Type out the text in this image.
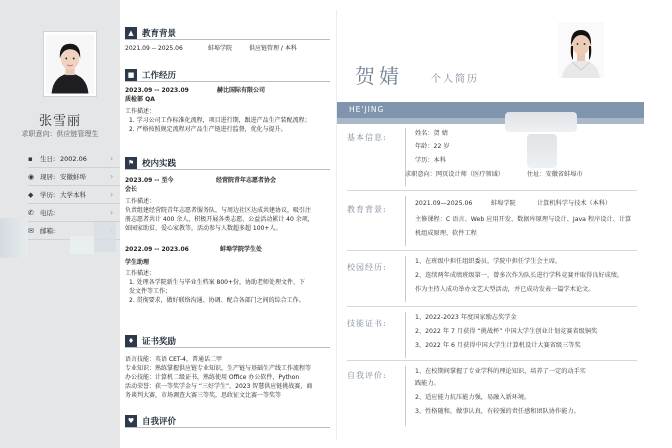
张雪丽
求职意向：供应链管理生
▪	生日: 2002.06	›
◉ 现居: 安徽蚌埠	›
◆	学历: 大学本科	›
✆ 电话:	›
✉ 邮箱:
▲ 教育背景
2021.09 -- 2025.06	蚌埠学院	供应链管理 / 本科
■ 工作经历
2023.09 -- 2023.09	赫比国际有限公司
质检部 QA
工作描述：
1. 学习公司工作标准化流程，项目进行期，跟进产品生产装配流程；
2. 严格按照规定流程对产品生产链进行监督，优化与提升。
⚑ 校内实践
2023.09 -- 至今	经营院青年志愿者协会
会长
工作描述：
负责组建经营院青年志愿者服务队，与周边社区达成共建协议，吸引注
册志愿者共计 400 余人，积极开展各类志愿、公益活动累计 40 余项，
如园家助贫、爱心家教等，活动参与人数超多超 100+人。
2022.09 -- 2023.06	蚌埠学院学生处
学生助理
工作描述：
1. 处理各学院新生与毕业生档案 800+份，协助老师处理文件、下
发文件等工作；
2. 贯彻要求，做好联络沟通、协调、配合各部门之间的综合工作。
♦ 证书奖励
语言技能：英语 CET-4，普通话二甲
专业知识：熟练掌握供应链专业知识，生产链与基础生产线工作流程等
办公技能：计算机二级证书，熟练使用 Office 办公软件，Python
活动荣誉：获一等奖学金与 “三好学生”，2023 智慧供应链挑战赛，商
务谈判大赛，市场调查大赛三等奖，思政征文比赛一等奖等
♥ 自我评价
贺婧	个人简历
HE'JING
基本信息:	姓名：贺 婧
年龄：22 岁
学历：本科
求职意向：网页设计师（医疗领域）	住址：安徽省蚌埠市
教育背景:
2021.09—2025.06	蚌埠学院	计算机科学与技术（本科）
主修课程：C 语言、Web 应用开发、数据库原理与设计、Java 程序设计、计算
机组成原理、软件工程
校园经历:
1、在班级中担任组织委员，学院中担任学生会主席。
2、连续两年成绩班级第一，曾多次作为队长进行学科竞赛并取得良好成绩。
作为主持人成功举办文艺大型活动，并已成功发表一篇学术论文。
技能证书:
1、2022-2023 年度国家励志奖学金
2、2022 年 7 月获得 “挑战杯” 中国大学生创业计划竞赛省级铜奖
3、2022 年 6 月获得中国大学生计算机设计大赛省级三等奖
自我评价:	1、在校期间掌握了专业学科的理论知识，培养了一定的动手实
践能力。
2、适应能力抗压能力强，易融入新环境。
3、性格随和，做事认真，有较强的责任感和团队协作能力。
